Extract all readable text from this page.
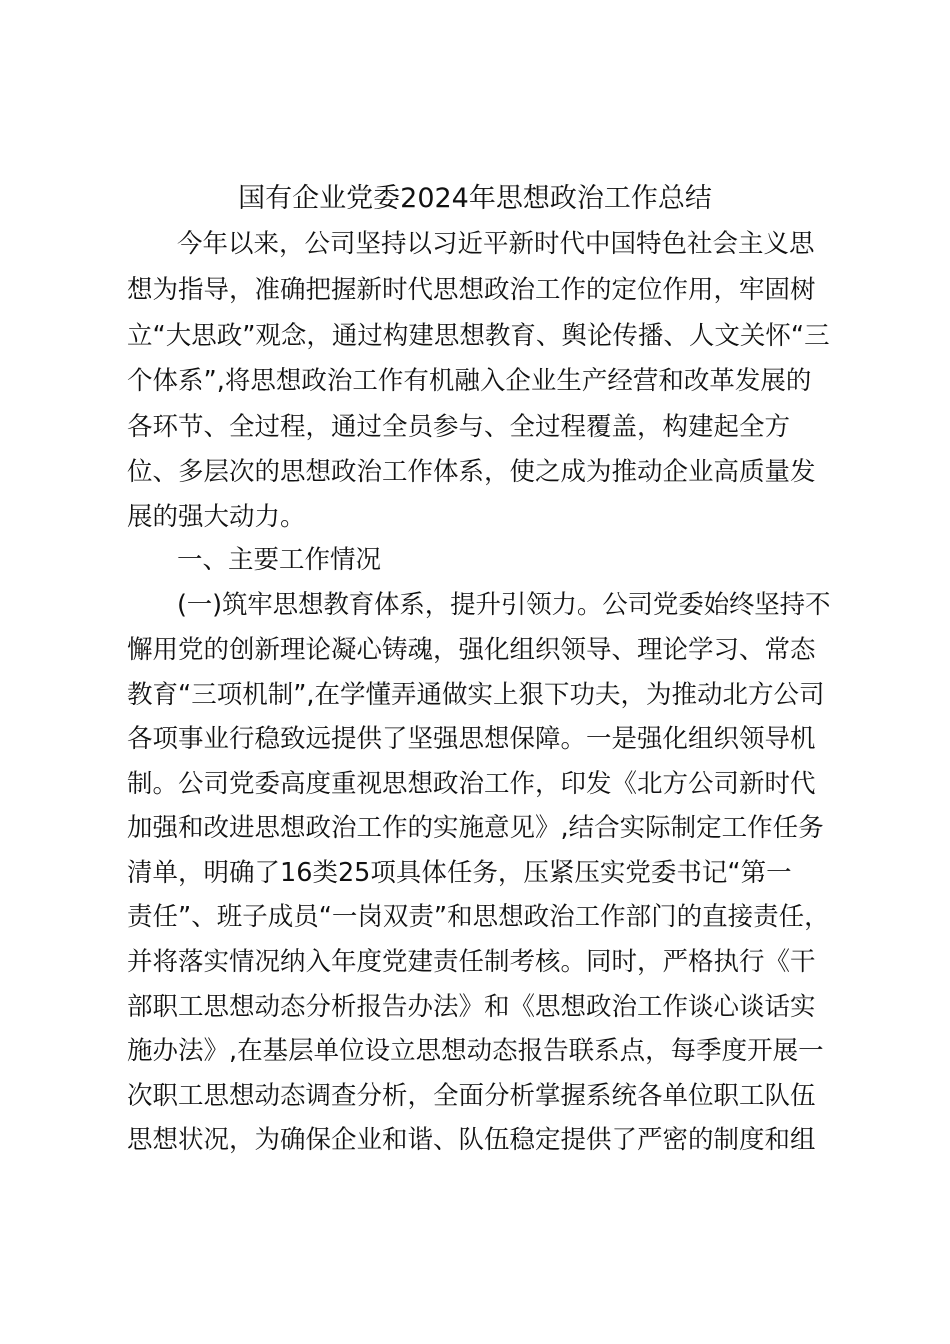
国有企业党委2024年思想政治工作总结
今年以来，公司坚持以习近平新时代中国特色社会主义思
想为指导，准确把握新时代思想政治工作的定位作用，牢固树
立“大思政”观念，通过构建思想教育、舆论传播、人文关怀“三
个体系”,将思想政治工作有机融入企业生产经营和改革发展的
各环节、全过程，通过全员参与、全过程覆盖，构建起全方
位、多层次的思想政治工作体系，使之成为推动企业高质量发
展的强大动力。
一、主要工作情况
(一)筑牢思想教育体系，提升引领力。公司党委始终坚持不
懈用党的创新理论凝心铸魂，强化组织领导、理论学习、常态
教育“三项机制”,在学懂弄通做实上狠下功夫，为推动北方公司
各项事业行稳致远提供了坚强思想保障。一是强化组织领导机
制。公司党委高度重视思想政治工作，印发《北方公司新时代
加强和改进思想政治工作的实施意见》,结合实际制定工作任务
清单，明确了16类25项具体任务，压紧压实党委书记“第一
责任”、班子成员“一岗双责”和思想政治工作部门的直接责任，
并将落实情况纳入年度党建责任制考核。同时，严格执行《干
部职工思想动态分析报告办法》和《思想政治工作谈心谈话实
施办法》,在基层单位设立思想动态报告联系点，每季度开展一
次职工思想动态调查分析，全面分析掌握系统各单位职工队伍
思想状况，为确保企业和谐、队伍稳定提供了严密的制度和组
